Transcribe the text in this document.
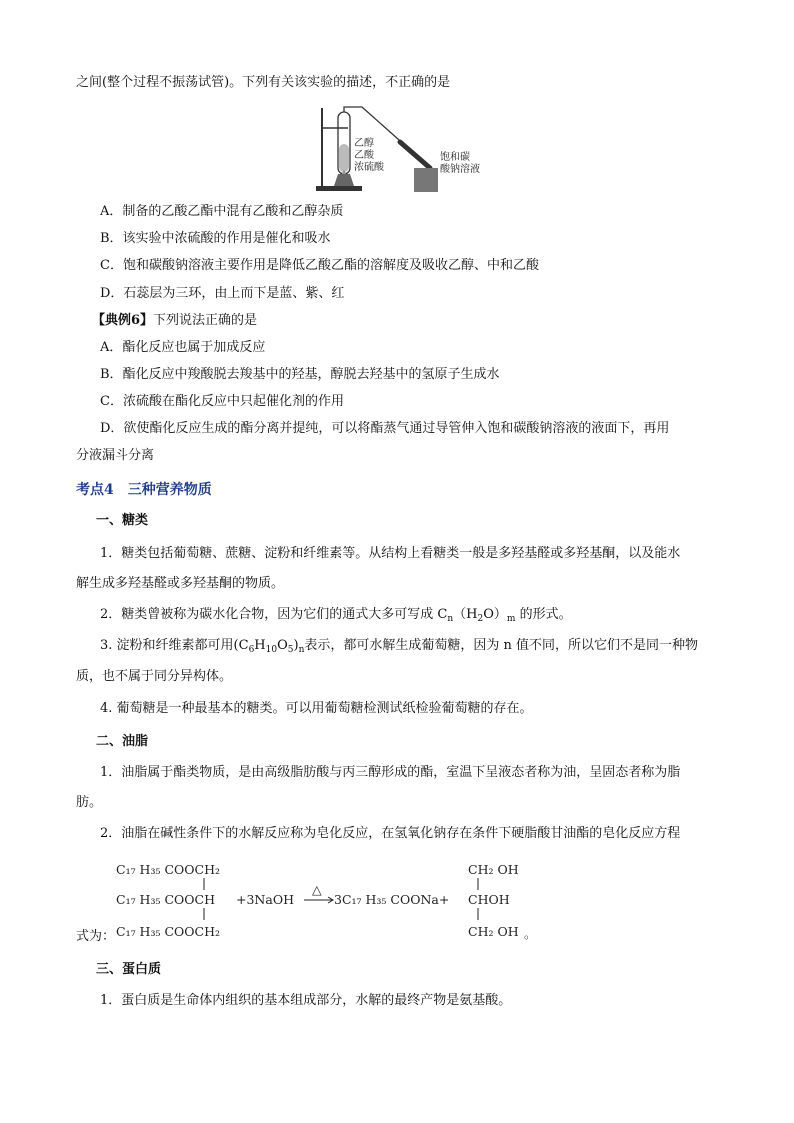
之间(整个过程不振荡试管)。下列有关该实验的描述，不正确的是
乙醇
乙酸
浓硫酸
饱和碳
酸钠溶液
A．制备的乙酸乙酯中混有乙酸和乙醇杂质
B．该实验中浓硫酸的作用是催化和吸水
C．饱和碳酸钠溶液主要作用是降低乙酸乙酯的溶解度及吸收乙醇、中和乙酸
D．石蕊层为三环，由上而下是蓝、紫、红
【典例6】下列说法正确的是
A．酯化反应也属于加成反应
B．酯化反应中羧酸脱去羧基中的羟基，醇脱去羟基中的氢原子生成水
C．浓硫酸在酯化反应中只起催化剂的作用
D．欲使酯化反应生成的酯分离并提纯，可以将酯蒸气通过导管伸入饱和碳酸钠溶液的液面下，再用
分液漏斗分离
考点4　三种营养物质
一、糖类
1．糖类包括葡萄糖、蔗糖、淀粉和纤维素等。从结构上看糖类一般是多羟基醛或多羟基酮，以及能水
解生成多羟基醛或多羟基酮的物质。
2．糖类曾被称为碳水化合物，因为它们的通式大多可写成 $C_n(H_2O)_m$ 的形式。
3. 淀粉和纤维素都可用$(C_6H_{10}O_5)_n$表示，都可水解生成葡萄糖，因为 n 值不同，所以它们不是同一种物
质，也不属于同分异构体。
4. 葡萄糖是一种最基本的糖类。可以用葡萄糖检测试纸检验葡萄糖的存在。
二、油脂
1．油脂属于酯类物质，是由高级脂肪酸与丙三醇形成的酯，室温下呈液态者称为油，呈固态者称为脂
肪。
2．油脂在碱性条件下的水解反应称为皂化反应，在氢氧化钠存在条件下硬脂酸甘油酯的皂化反应方程
C₁₇ H₃₅ COOCH₂
C₁₇ H₃₅ COOCH
C₁₇ H₃₅ COOCH₂
+3NaOH
△
3C₁₇ H₃₅ COONa+
CH₂ OH
CHOH
CH₂ OH 。
式为：
三、蛋白质
1．蛋白质是生命体内组织的基本组成部分，水解的最终产物是氨基酸。
